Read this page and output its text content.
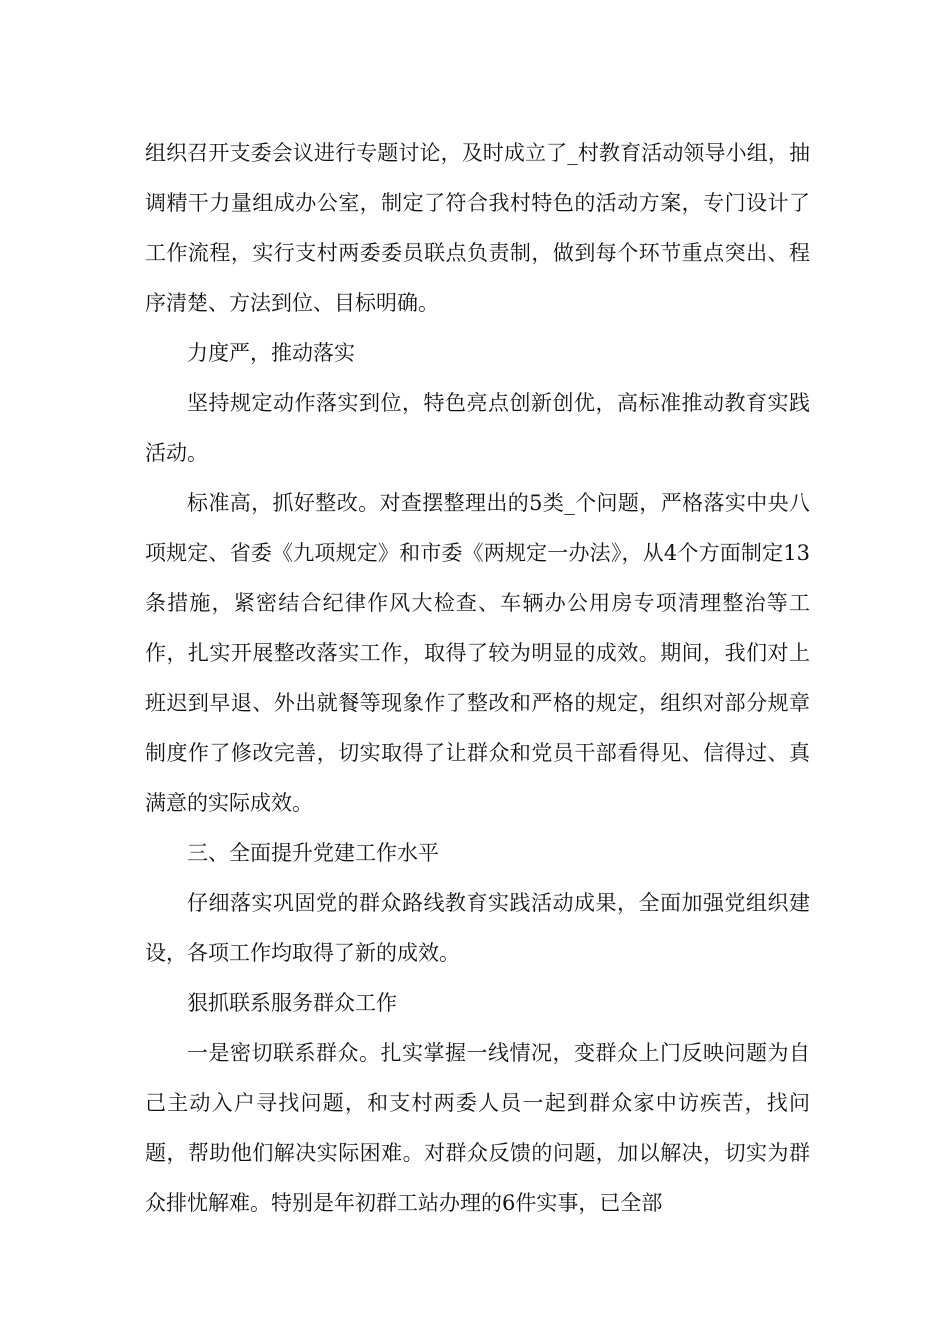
组织召开支委会议进行专题讨论，及时成立了_村教育活动领导小组，抽调精干力量组成办公室，制定了符合我村特色的活动方案，专门设计了工作流程，实行支村两委委员联点负责制，做到每个环节重点突出、程序清楚、方法到位、目标明确。

力度严，推动落实

坚持规定动作落实到位，特色亮点创新创优，高标准推动教育实践活动。

标准高，抓好整改。对查摆整理出的5类_个问题，严格落实中央八项规定、省委《九项规定》和市委《两规定一办法》，从4个方面制定13条措施，紧密结合纪律作风大检查、车辆办公用房专项清理整治等工作，扎实开展整改落实工作，取得了较为明显的成效。期间，我们对上班迟到早退、外出就餐等现象作了整改和严格的规定，组织对部分规章制度作了修改完善，切实取得了让群众和党员干部看得见、信得过、真满意的实际成效。

三、全面提升党建工作水平

仔细落实巩固党的群众路线教育实践活动成果，全面加强党组织建设，各项工作均取得了新的成效。

狠抓联系服务群众工作

一是密切联系群众。扎实掌握一线情况，变群众上门反映问题为自己主动入户寻找问题，和支村两委人员一起到群众家中访疾苦，找问题，帮助他们解决实际困难。对群众反馈的问题，加以解决，切实为群众排忧解难。特别是年初群工站办理的6件实事，已全部
